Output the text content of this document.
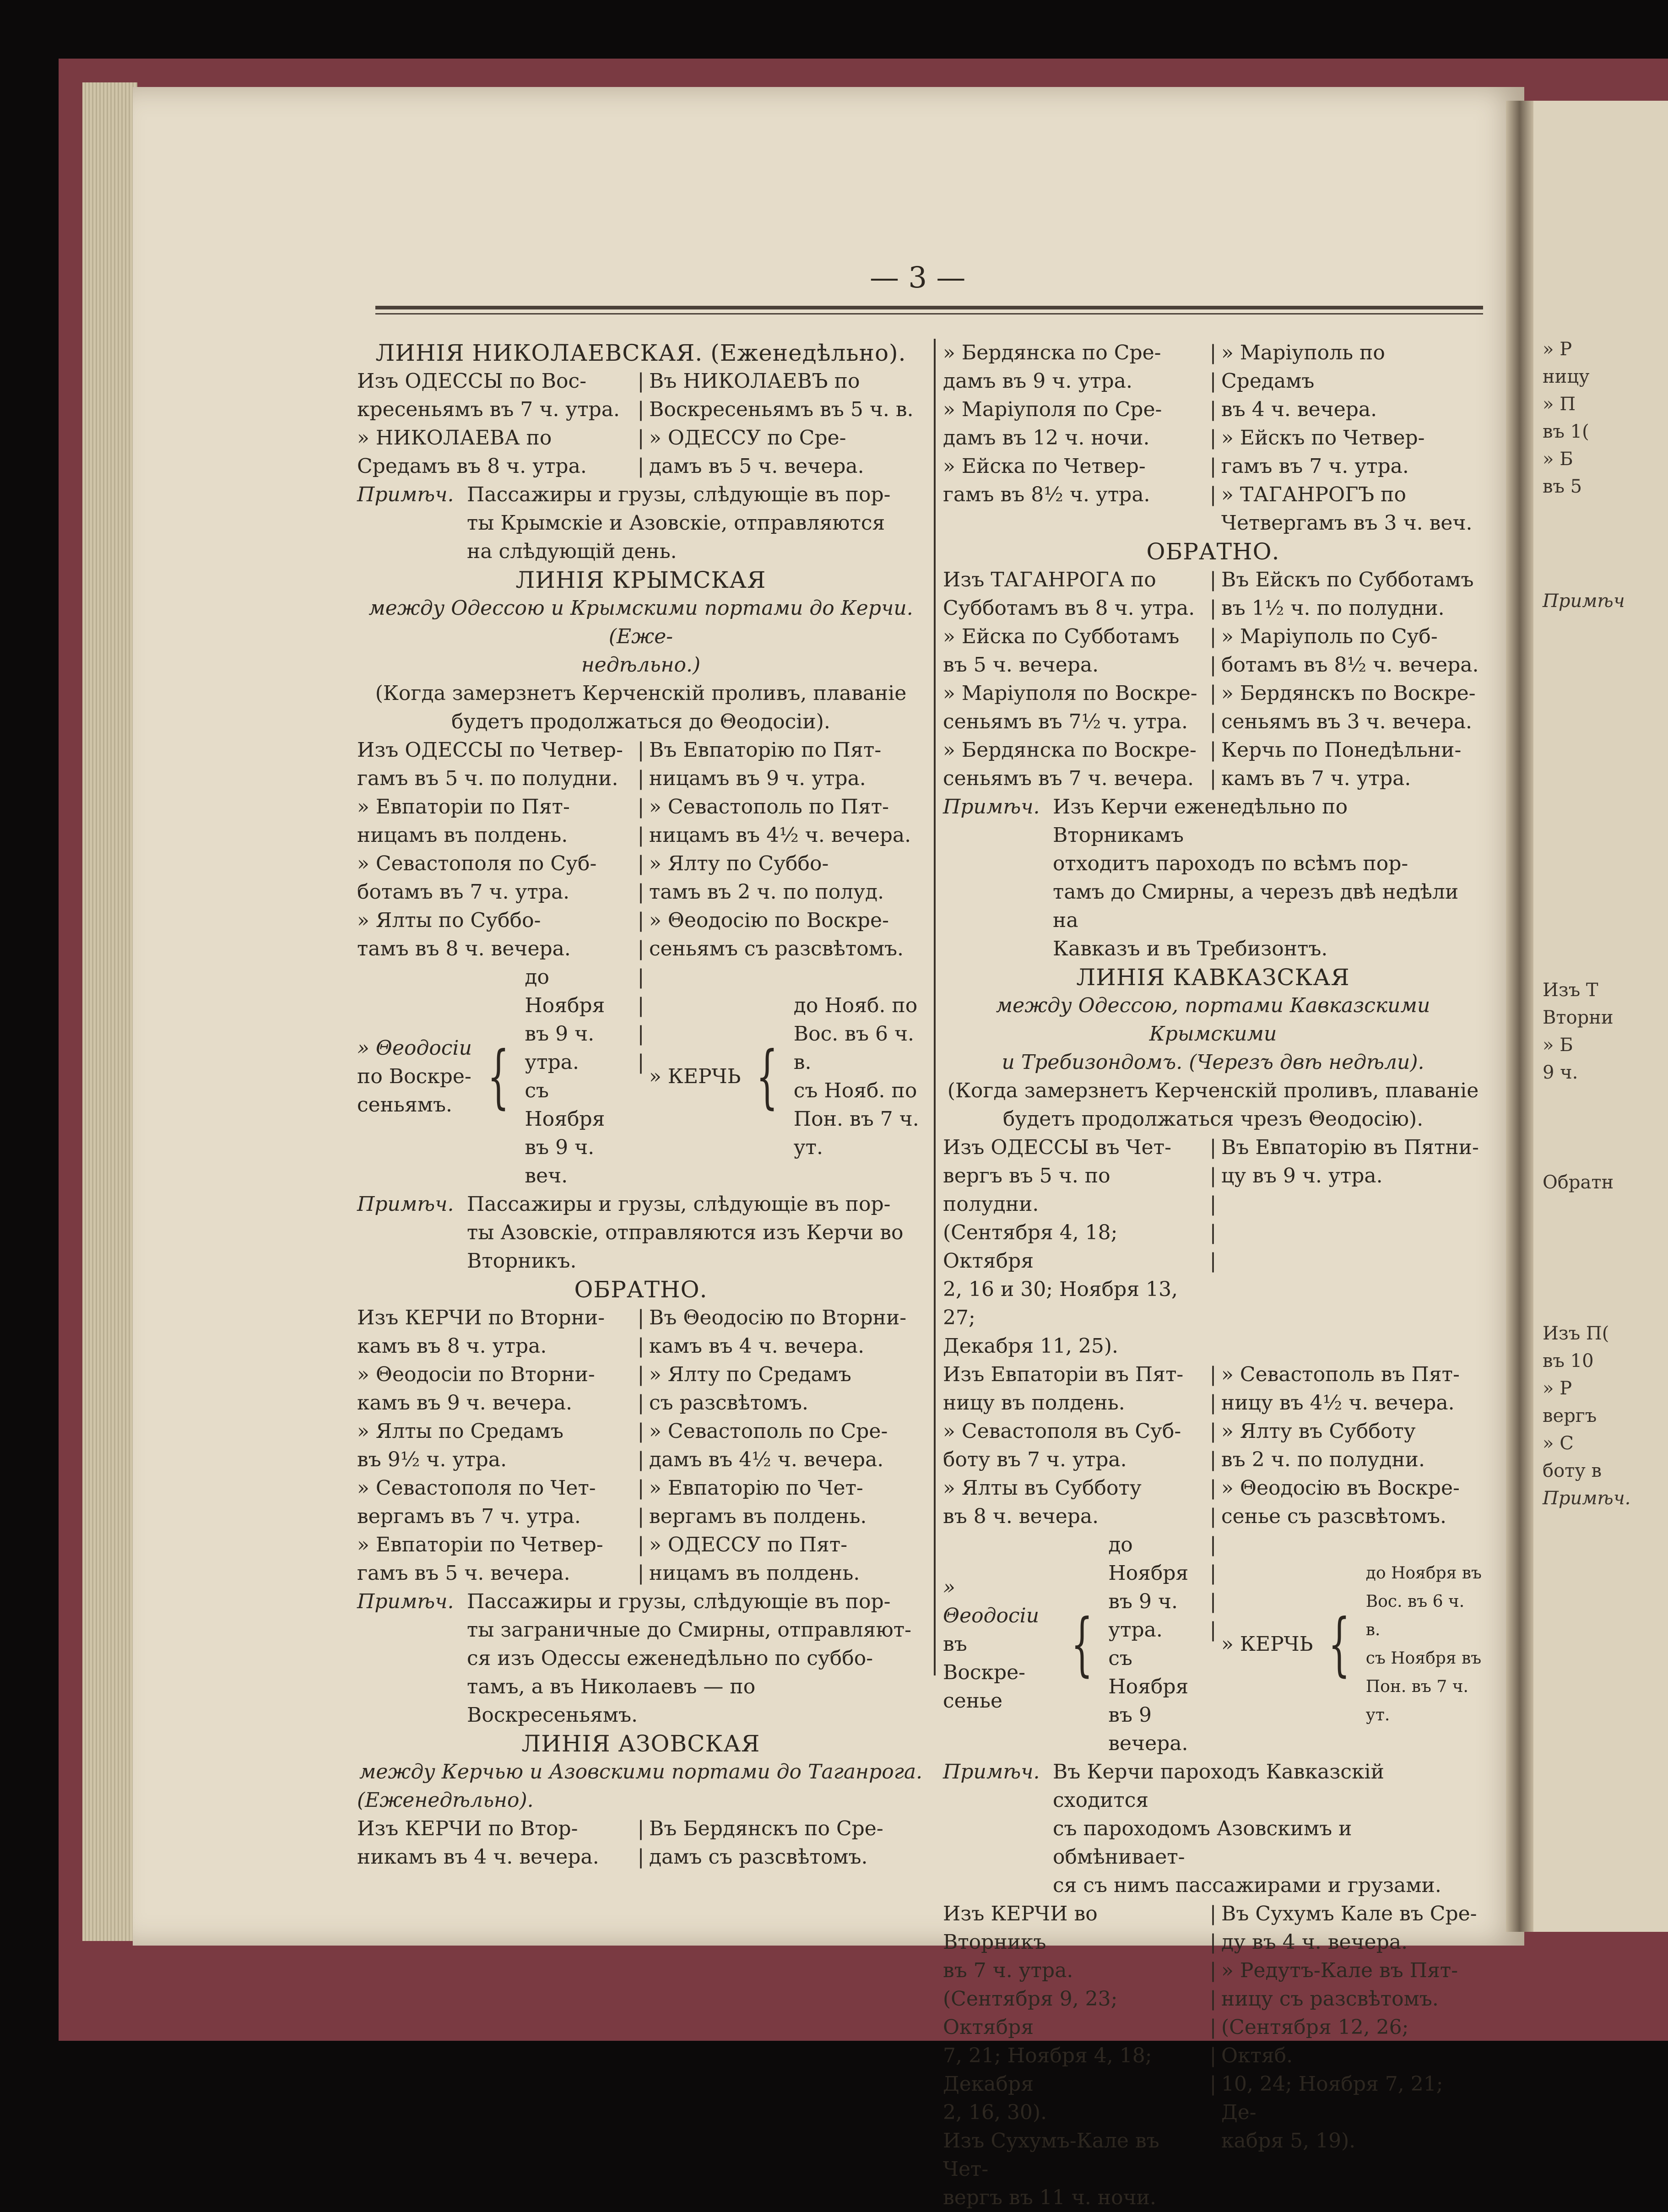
» Р
ницу
» П
въ 1(
» Б
въ 5
Примѣч
Изъ Т
Вторни
» Б
9 ч.
Обратн
Изъ П(
въ 10
» Р
вергъ
» С
боту в
Примѣч.
— 3 —
ЛИНІЯ НИКОЛАЕВСКАЯ. (Еженедѣльно).
Изъ ОДЕССЫ по Вос-
кресеньямъ въ 7 ч. утра.
» НИКОЛАЕВА по
Средамъ въ 8 ч. утра.
|
|
|
|
Въ НИКОЛАЕВЪ по
Воскресеньямъ въ 5 ч. в.
» ОДЕССУ по Сре-
дамъ въ 5 ч. вечера.
Примѣч. Пассажиры и грузы, слѣдующіе въ пор-
ты Крымскіе и Азовскіе, отправляются
на слѣдующій день.
ЛИНІЯ КРЫМСКАЯ
между Одессою и Крымскими портами до Керчи. (Еже-
недѣльно.)
(Когда замерзнетъ Керченскій проливъ, плаваніе
будетъ продолжаться до Θеодосіи).
Изъ ОДЕССЫ по Четвер-
гамъ въ 5 ч. по полудни.
» Евпаторіи по Пят-
ницамъ въ полдень.
» Севастополя по Суб-
ботамъ въ 7 ч. утра.
» Ялты по Суббо-
тамъ въ 8 ч. вечера.
|
|
|
|
|
|
|
|
Въ Евпаторію по Пят-
ницамъ въ 9 ч. утра.
» Севастополь по Пят-
ницамъ въ 4½ ч. вечера.
» Ялту по Суббо-
тамъ въ 2 ч. по полуд.
» Θеодосію по Воскре-
сеньямъ съ разсвѣтомъ.
» Θеодосіи
по Воскре-
сеньямъ. {
до Ноября
въ 9 ч. утра.
съ Ноября
въ 9 ч. веч.
|
|
|
|
» КЕРЧЬ {
до Нояб. по
Вос. въ 6 ч. в.
съ Нояб. по
Пон. въ 7 ч. ут.
Примѣч. Пассажиры и грузы, слѣдующіе въ пор-
ты Азовскіе, отправляются изъ Керчи во
Вторникъ.
ОБРАТНО.
Изъ КЕРЧИ по Вторни-
камъ въ 8 ч. утра.
» Θеодосіи по Вторни-
камъ въ 9 ч. вечера.
» Ялты по Средамъ
въ 9½ ч. утра.
» Севастополя по Чет-
вергамъ въ 7 ч. утра.
» Евпаторіи по Четвер-
гамъ въ 5 ч. вечера.
|
|
|
|
|
|
|
|
|
|
Въ Θеодосію по Вторни-
камъ въ 4 ч. вечера.
» Ялту по Средамъ
съ разсвѣтомъ.
» Севастополь по Сре-
дамъ въ 4½ ч. вечера.
» Евпаторію по Чет-
вергамъ въ полдень.
» ОДЕССУ по Пят-
ницамъ въ полдень.
Примѣч. Пассажиры и грузы, слѣдующіе въ пор-
ты заграничные до Смирны, отправляют-
ся изъ Одессы еженедѣльно по суббо-
тамъ, а въ Николаевъ — по Воскресеньямъ.
ЛИНІЯ АЗОВСКАЯ
между Керчью и Азовскими портами до Таганрога.
(Еженедѣльно).
Изъ КЕРЧИ по Втор-
никамъ въ 4 ч. вечера.
|
|
Въ Бердянскъ по Сре-
дамъ съ разсвѣтомъ.
» Бердянска по Сре-
дамъ въ 9 ч. утра.
» Маріуполя по Сре-
дамъ въ 12 ч. ночи.
» Ейска по Четвер-
гамъ въ 8½ ч. утра.
|
|
|
|
|
|
» Маріуполь по Средамъ
въ 4 ч. вечера.
» Ейскъ по Четвер-
гамъ въ 7 ч. утра.
» ТАГАНРОГЪ по
Четвергамъ въ 3 ч. веч.
ОБРАТНО.
Изъ ТАГАНРОГА по
Субботамъ въ 8 ч. утра.
» Ейска по Субботамъ
въ 5 ч. вечера.
» Маріуполя по Воскре-
сеньямъ въ 7½ ч. утра.
» Бердянска по Воскре-
сеньямъ въ 7 ч. вечера.
|
|
|
|
|
|
|
|
Въ Ейскъ по Субботамъ
въ 1½ ч. по полудни.
» Маріуполь по Суб-
ботамъ въ 8½ ч. вечера.
» Бердянскъ по Воскре-
сеньямъ въ 3 ч. вечера.
Керчь по Понедѣльни-
камъ въ 7 ч. утра.
Примѣч. Изъ Керчи еженедѣльно по Вторникамъ
отходитъ пароходъ по всѣмъ пор-
тамъ до Смирны, а черезъ двѣ недѣли на
Кавказъ и въ Требизонтъ.
ЛИНІЯ КАВКАЗСКАЯ
между Одессою, портами Кавказскими Крымскими
и Требизондомъ. (Черезъ двѣ недѣли).
(Когда замерзнетъ Керченскій проливъ, плаваніе
будетъ продолжаться чрезъ Θеодосію).
Изъ ОДЕССЫ въ Чет-
вергъ въ 5 ч. по полудни.
(Сентября 4, 18; Октября
2, 16 и 30; Ноября 13, 27;
Декабря 11, 25).
|
|
|
|
|
Въ Евпаторію въ Пятни-
цу въ 9 ч. утра.
Изъ Евпаторіи въ Пят-
ницу въ полдень.
» Севастополя въ Суб-
боту въ 7 ч. утра.
» Ялты въ Субботу
въ 8 ч. вечера.
|
|
|
|
|
|
» Севастополь въ Пят-
ницу въ 4½ ч. вечера.
» Ялту въ Субботу
въ 2 ч. по полудни.
» Θеодосію въ Воскре-
сенье съ разсвѣтомъ.
» Θеодосіи
въ Воскре-
сенье
{
до Ноября
въ 9 ч. утра.
съ Ноября
въ 9 вечера.
|
|
|
|
» КЕРЧЬ {
до Ноября въ
Вос. въ 6 ч. в.
съ Ноября въ
Пон. въ 7 ч. ут.
Примѣч. Въ Керчи пароходъ Кавказскій сходится
съ пароходомъ Азовскимъ и обмѣнивает-
ся съ нимъ пассажирами и грузами.
Изъ КЕРЧИ во Вторникъ
въ 7 ч. утра.
(Сентября 9, 23; Октября
7, 21; Ноября 4, 18; Декабря
2, 16, 30).
Изъ Сухумъ-Кале въ Чет-
вергъ въ 11 ч. ночи.
|
|
|
|
|
|
|
Въ Сухумъ Кале въ Сре-
ду въ 4 ч. вечера.
» Редутъ-Кале въ Пят-
ницу съ разсвѣтомъ.
(Сентября 12, 26; Октяб.
10, 24; Ноября 7, 21; Де-
кабря 5, 19).
